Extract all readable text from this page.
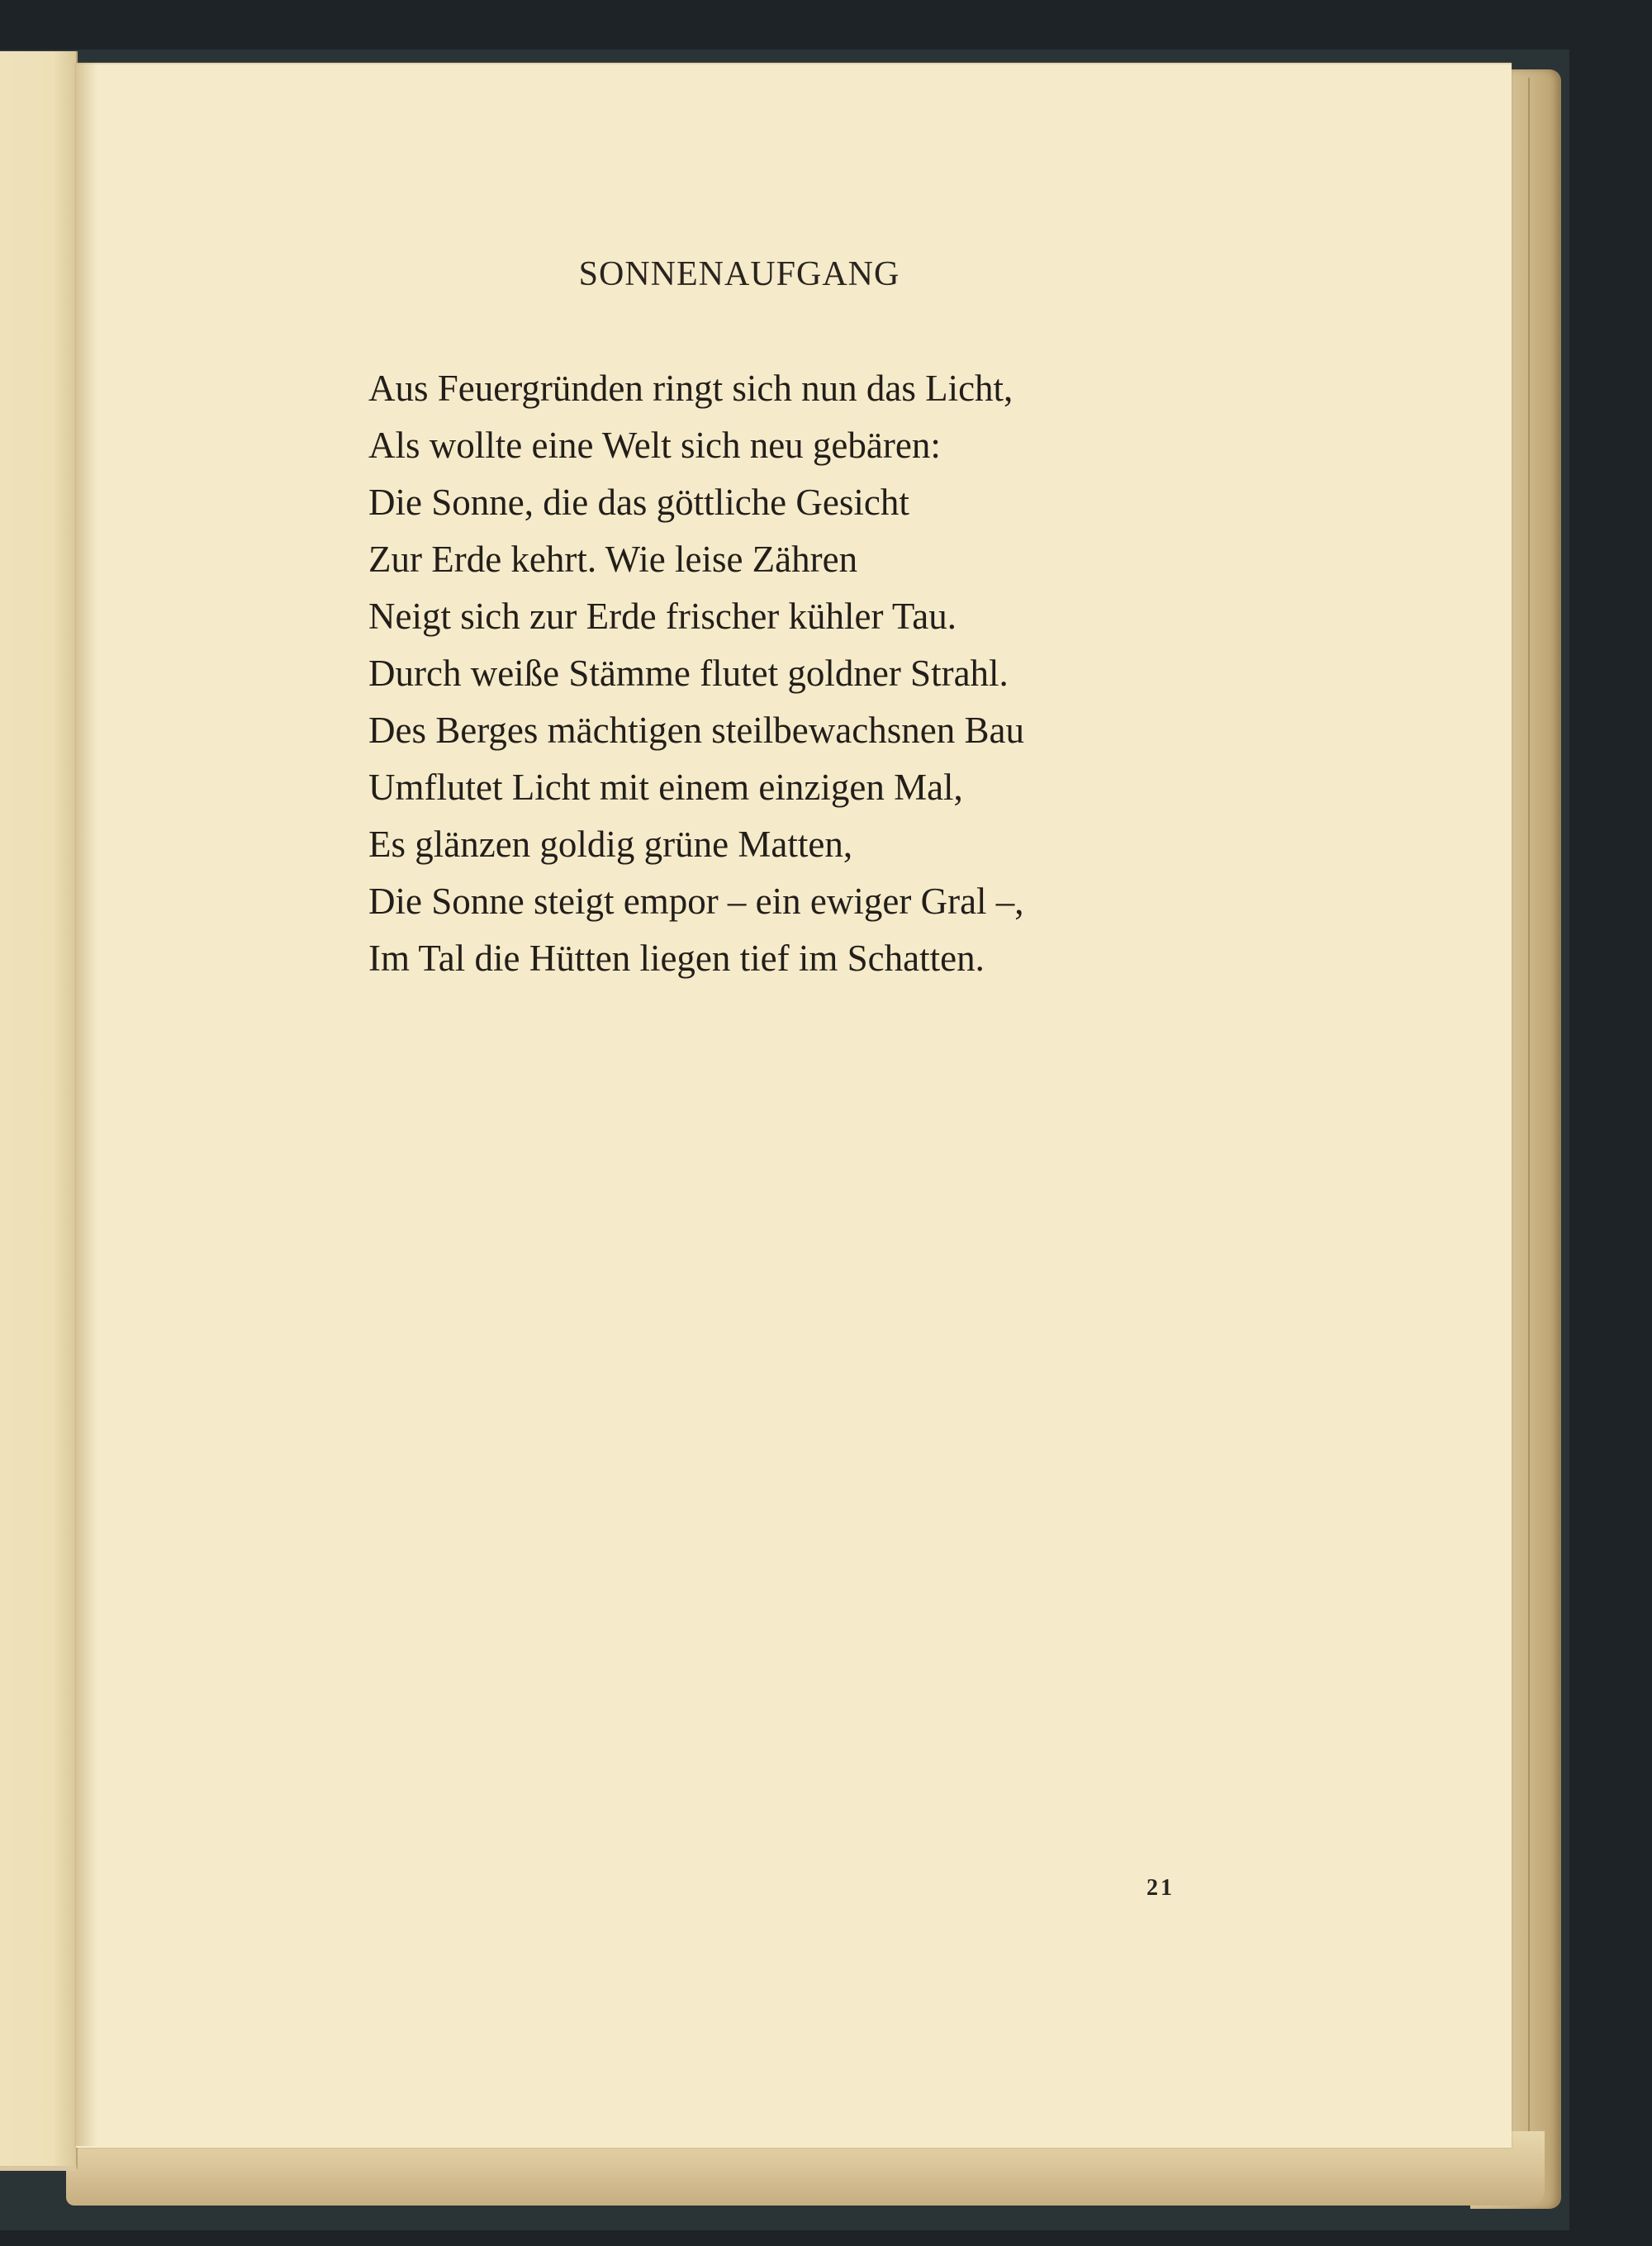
SONNENAUFGANG
Aus Feuergründen ringt sich nun das Licht,
Als wollte eine Welt sich neu gebären:
Die Sonne, die das göttliche Gesicht
Zur Erde kehrt. Wie leise Zähren
Neigt sich zur Erde frischer kühler Tau.
Durch weiße Stämme flutet goldner Strahl.
Des Berges mächtigen steilbewachsnen Bau
Umflutet Licht mit einem einzigen Mal,
Es glänzen goldig grüne Matten,
Die Sonne steigt empor – ein ewiger Gral –,
Im Tal die Hütten liegen tief im Schatten.
21
